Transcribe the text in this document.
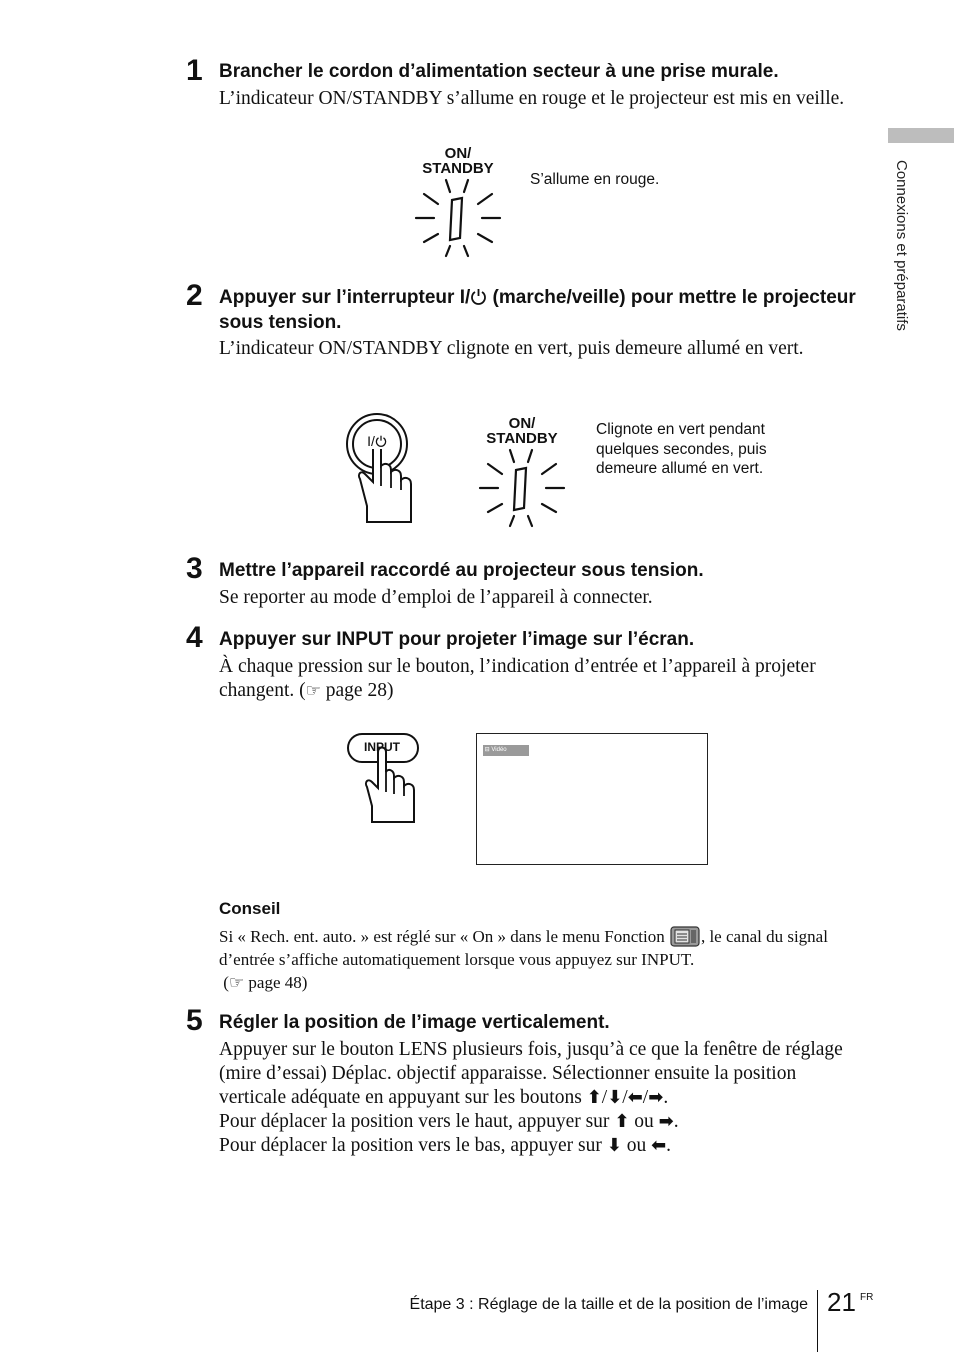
Connexions et préparatifs
1 Brancher le cordon d’alimentation secteur à une prise murale.
L’indicateur ON/STANDBY s’allume en rouge et le projecteur est mis en veille.
ON/
STANDBY
S’allume en rouge.
2 Appuyer sur l’interrupteur I/ (marche/veille) pour mettre le projecteur sous tension.
L’indicateur ON/STANDBY clignote en vert, puis demeure allumé en vert.
I/
ON/
STANDBY
Clignote en vert pendant
quelques secondes, puis
demeure allumé en vert.
3 Mettre l’appareil raccordé au projecteur sous tension.
Se reporter au mode d’emploi de l’appareil à connecter.
4 Appuyer sur INPUT pour projeter l’image sur l’écran.
À chaque pression sur le bouton, l’indication d’entrée et l’appareil à projeter changent. (☞ page 28)
INPUT	⊟ Vidéo
Conseil
Si « Rech. ent. auto. » est réglé sur « On » dans le menu Fonction , le canal du signal d’entrée s’affiche automatiquement lorsque vous appuyez sur INPUT.
(☞ page 48)
5 Régler la position de l’image verticalement.
Appuyer sur le bouton LENS plusieurs fois, jusqu’à ce que la fenêtre de réglage (mire d’essai) Déplac. objectif apparaisse. Sélectionner ensuite la position verticale adéquate en appuyant sur les boutons ⬆/⬇/⬅/➡.
Pour déplacer la position vers le haut, appuyer sur ⬆ ou ➡.
Pour déplacer la position vers le bas, appuyer sur ⬇ ou ⬅.
Étape 3 : Réglage de la taille et de la position de l’image 21 FR
